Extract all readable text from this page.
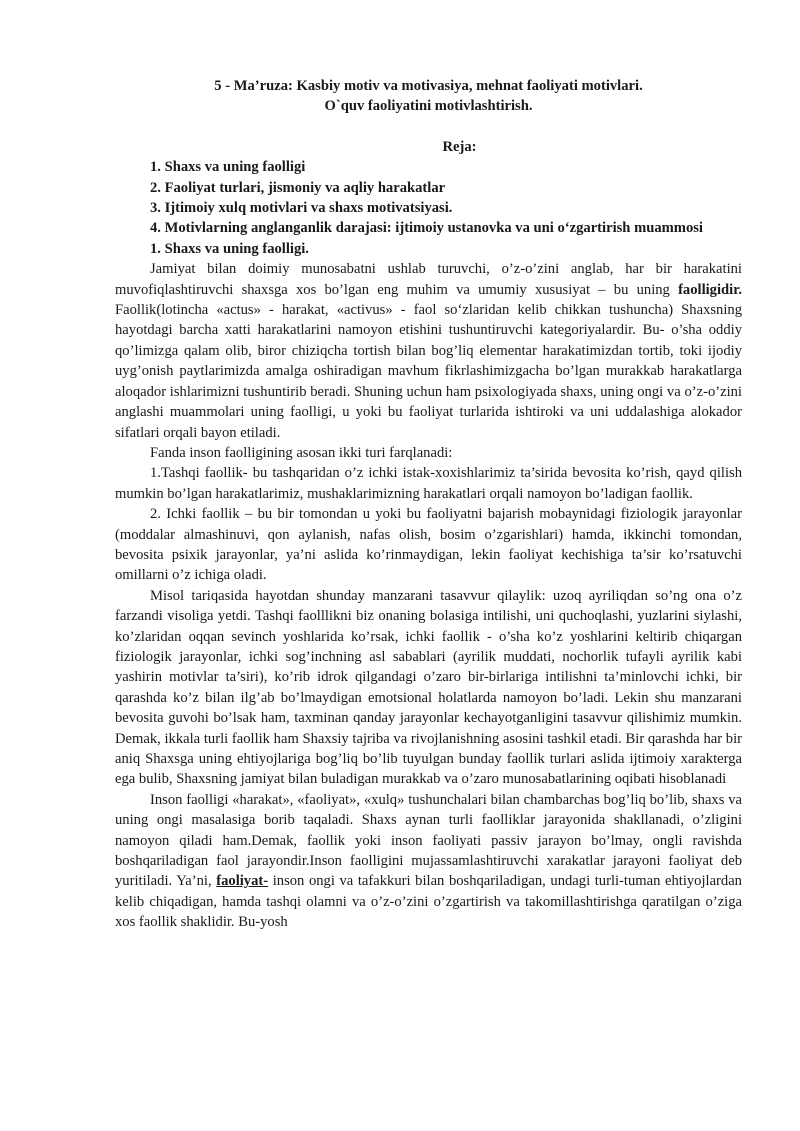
5 - Ma’ruza: Kasbiy motiv va motivasiya, mehnat faoliyati motivlari.
O`quv faoliyatini motivlashtirish.

Reja:

1. Shaxs va uning faolligi

2. Faoliyat turlari, jismoniy va aqliy harakatlar

3. Ijtimoiy xulq motivlari va shaxs motivatsiyasi.

4. Motivlarning anglanganlik darajasi: ijtimoiy ustanovka va uni o‘zgartirish muammosi

1. Shaxs va uning faolligi.

Jamiyat bilan doimiy munosabatni ushlab turuvchi, o’z-o’zini anglab, har bir harakatini muvofiqlashtiruvchi shaxsga xos bo’lgan eng muhim va umumiy xususiyat – bu uning faolligidir. Faollik(lotincha «actus» - harakat, «activus» - faol so‘zlaridan kelib chikkan tushuncha) Shaxsning hayotdagi barcha xatti harakatlarini namoyon etishini tushuntiruvchi kategoriyalardir. Bu- o’sha oddiy qo’limizga qalam olib, biror chiziqcha tortish bilan bog’liq elementar harakatimizdan tortib, toki ijodiy uyg’onish paytlarimizda amalga oshiradigan mavhum fikrlashimizgacha bo’lgan murakkab harakatlarga aloqador ishlarimizni tushuntirib beradi. Shuning uchun ham psixologiyada shaxs, uning ongi va o’z-o’zini anglashi muammolari uning faolligi, u yoki bu faoliyat turlarida ishtiroki va uni uddalashiga alokador sifatlari orqali bayon etiladi.

Fanda inson faolligining asosan ikki turi farqlanadi:

1.Tashqi faollik- bu tashqaridan o’z ichki istak-xoxishlarimiz ta’sirida bevosita ko’rish, qayd qilish mumkin bo’lgan harakatlarimiz, mushaklarimizning harakatlari orqali namoyon bo’ladigan faollik.

2. Ichki faollik – bu bir tomondan u yoki bu faoliyatni bajarish mobaynidagi fiziologik jarayonlar (moddalar almashinuvi, qon aylanish, nafas olish, bosim o’zgarishlari) hamda, ikkinchi tomondan, bevosita psixik jarayonlar, ya’ni aslida ko’rinmaydigan, lekin faoliyat kechishiga ta’sir ko’rsatuvchi omillarni o’z ichiga oladi.

Misol tariqasida hayotdan shunday manzarani tasavvur qilaylik: uzoq ayriliqdan so’ng ona o’z farzandi visoliga yetdi. Tashqi faolllikni biz onaning bolasiga intilishi, uni quchoqlashi, yuzlarini siylashi, ko’zlaridan oqqan sevinch yoshlarida ko’rsak, ichki faollik - o’sha ko’z yoshlarini keltirib chiqargan fiziologik jarayonlar, ichki sog’inchning asl sabablari (ayrilik muddati, nochorlik tufayli ayrilik kabi yashirin motivlar ta’siri), ko’rib idrok qilgandagi o’zaro bir-birlariga intilishni ta’minlovchi ichki, bir qarashda ko’z bilan ilg’ab bo’lmaydigan emotsional holatlarda namoyon bo’ladi. Lekin shu manzarani bevosita guvohi bo’lsak ham, taxminan qanday jarayonlar kechayotganligini tasavvur qilishimiz mumkin. Demak, ikkala turli faollik ham Shaxsiy tajriba va rivojlanishning asosini tashkil etadi. Bir qarashda har bir aniq Shaxsga uning ehtiyojlariga bog’liq bo’lib tuyulgan bunday faollik turlari aslida ijtimoiy xarakterga ega bulib, Shaxsning jamiyat bilan buladigan murakkab va o’zaro munosabatlarining oqibati hisoblanadi

Inson faolligi «harakat», «faoliyat», «xulq» tushunchalari bilan chambarchas bog’liq bo’lib, shaxs va uning ongi masalasiga borib taqaladi. Shaxs aynan turli faolliklar jarayonida shakllanadi, o’zligini namoyon qiladi ham.Demak, faollik yoki inson faoliyati passiv jarayon bo’lmay, ongli ravishda boshqariladigan faol jarayondir.Inson faolligini mujassamlashtiruvchi xarakatlar jarayoni faoliyat deb yuritiladi. Ya’ni, faoliyat- inson ongi va tafakkuri bilan boshqariladigan, undagi turli-tuman ehtiyojlardan kelib chiqadigan, hamda tashqi olamni va o’z-o’zini o’zgartirish va takomillashtirishga qaratilgan o’ziga xos faollik shaklidir. Bu-yosh
